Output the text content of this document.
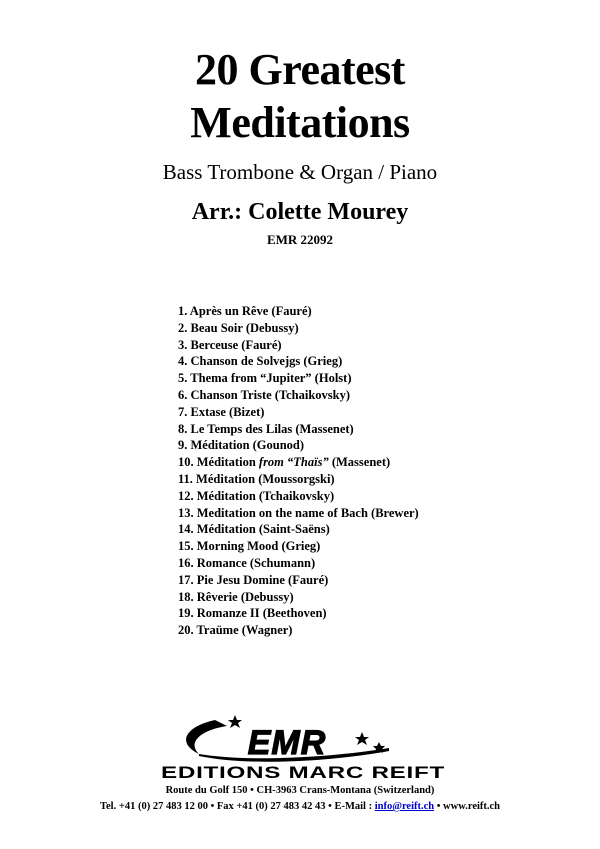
20 Greatest
Meditations
Bass Trombone & Organ / Piano
Arr.: Colette Mourey
EMR 22092
1. Après un Rêve (Fauré)
2. Beau Soir (Debussy)
3. Berceuse (Fauré)
4. Chanson de Solvejgs (Grieg)
5. Thema from “Jupiter” (Holst)
6. Chanson Triste (Tchaikovsky)
7. Extase (Bizet)
8. Le Temps des Lilas (Massenet)
9. Méditation (Gounod)
10. Méditation from “Thaïs” (Massenet)
11. Méditation (Moussorgski)
12. Méditation (Tchaikovsky)
13. Meditation on the name of Bach (Brewer)
14. Méditation (Saint-Saëns)
15. Morning Mood (Grieg)
16. Romance (Schumann)
17. Pie Jesu Domine (Fauré)
18. Rêverie (Debussy)
19. Romanze II (Beethoven)
20. Traüme (Wagner)
EMR
EDITIONS MARC REIFT
Route du Golf 150 • CH-3963 Crans-Montana (Switzerland)
Tel. +41 (0) 27 483 12 00 • Fax +41 (0) 27 483 42 43 • E-Mail : info@reift.ch • www.reift.ch
